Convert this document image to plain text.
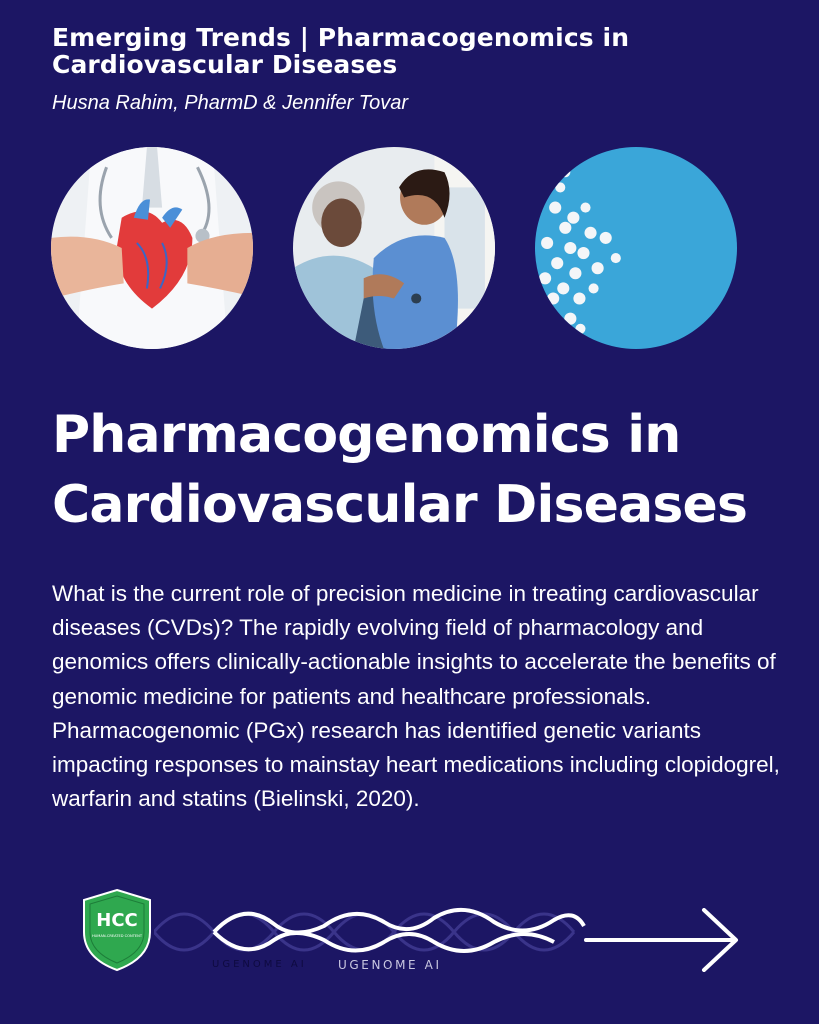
Emerging Trends | Pharmacogenomics in Cardiovascular Diseases

Husna Rahim, PharmD & Jennifer Tovar

Pharmacogenomics in Cardiovascular Diseases

What is the current role of precision medicine in treating cardiovascular diseases (CVDs)? The rapidly evolving field of pharmacology and genomics offers clinically-actionable insights to accelerate the benefits of genomic medicine for patients and healthcare professionals. Pharmacogenomic (PGx) research has identified genetic variants impacting responses to mainstay heart medications including clopidogrel, warfarin and statins (Bielinski, 2020).

HCC
HUMAN-CREATED CONTENT
UGENOME AI	UGENOME AI
